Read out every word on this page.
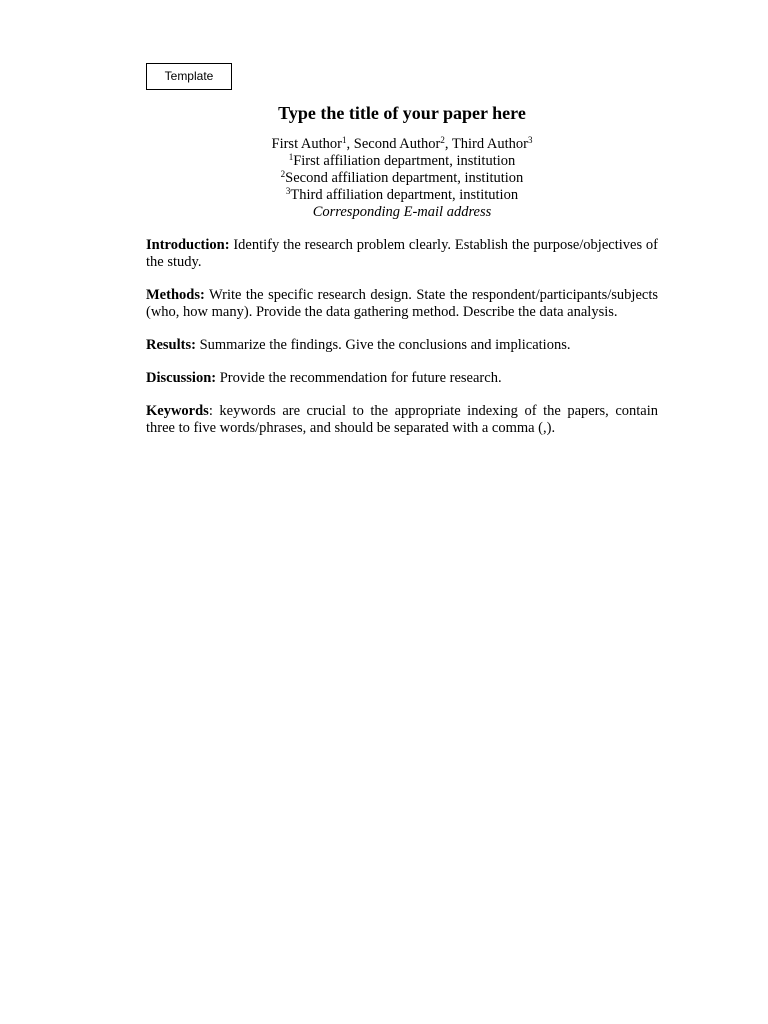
Template
Type the title of your paper here
First Author$^1$, Second Author$^2$, Third Author$^3$
$^1$First affiliation department, institution
$^2$Second affiliation department, institution
$^3$Third affiliation department, institution
Corresponding E-mail address

Introduction: Identify the research problem clearly. Establish the purpose/objectives of the study.

Methods: Write the specific research design. State the respondent/participants/subjects (who, how many). Provide the data gathering method. Describe the data analysis.

Results: Summarize the findings. Give the conclusions and implications.

Discussion: Provide the recommendation for future research.

Keywords: keywords are crucial to the appropriate indexing of the papers, contain three to five words/phrases, and should be separated with a comma (,).
